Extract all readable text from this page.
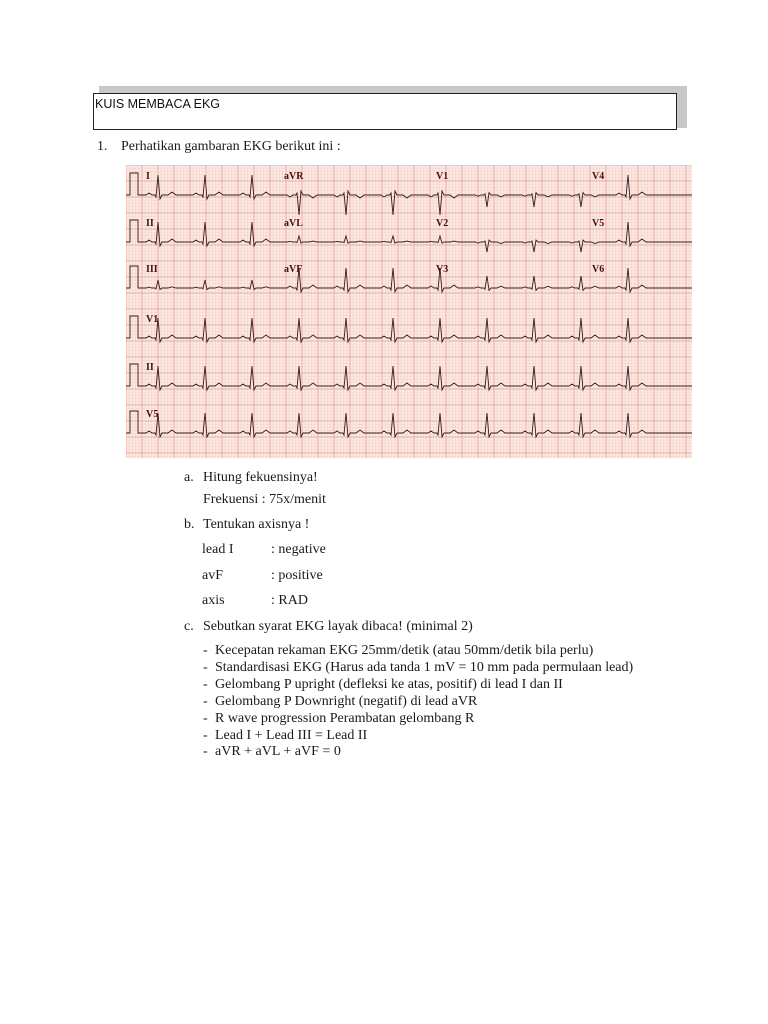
KUIS MEMBACA EKG
1. Perhatikan gambaran EKG berikut ini :
I	aVR	V1	V4
II	aVL	V2	V5
III	aVF	V3	V6
V1
II
V5
a. Hitung fekuensinya!
Frekuensi : 75x/menit
b. Tentukan axisnya !
lead I	: negative
avF	: positive
axis	: RAD
c. Sebutkan syarat EKG layak dibaca! (minimal 2)
- Kecepatan rekaman EKG 25mm/detik (atau 50mm/detik bila perlu)
- Standardisasi EKG (Harus ada tanda 1 mV = 10 mm pada permulaan lead)
- Gelombang P upright (defleksi ke atas, positif) di lead I dan II
- Gelombang P Downright (negatif) di lead aVR
- R wave progression Perambatan gelombang R
- Lead I + Lead III = Lead II
- aVR + aVL + aVF = 0
